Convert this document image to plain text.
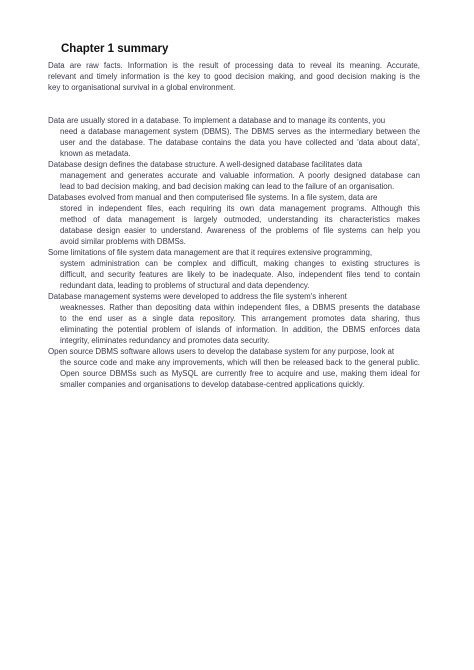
Chapter 1 summary
Data are raw facts. Information is the result of processing data to reveal its meaning. Accurate,
relevant and timely information is the key to good decision making, and good decision making is the
key to organisational survival in a global environment.
Data are usually stored in a database. To implement a database and to manage its contents, you
need a database management system (DBMS). The DBMS serves as the intermediary between the
user and the database. The database contains the data you have collected and 'data about data',
known as metadata.
Database design defines the database structure. A well-designed database facilitates data
management and generates accurate and valuable information. A poorly designed database can
lead to bad decision making, and bad decision making can lead to the failure of an organisation.
Databases evolved from manual and then computerised file systems. In a file system, data are
stored in independent files, each requiring its own data management programs. Although this
method of data management is largely outmoded, understanding its characteristics makes
database design easier to understand. Awareness of the problems of file systems can help you
avoid similar problems with DBMSs.
Some limitations of file system data management are that it requires extensive programming,
system administration can be complex and difficult, making changes to existing structures is
difficult, and security features are likely to be inadequate. Also, independent files tend to contain
redundant data, leading to problems of structural and data dependency.
Database management systems were developed to address the file system's inherent
weaknesses. Rather than depositing data within independent files, a DBMS presents the database
to the end user as a single data repository. This arrangement promotes data sharing, thus
eliminating the potential problem of islands of information. In addition, the DBMS enforces data
integrity, eliminates redundancy and promotes data security.
Open source DBMS software allows users to develop the database system for any purpose, look at
the source code and make any improvements, which will then be released back to the general public.
Open source DBMSs such as MySQL are currently free to acquire and use, making them ideal for
smaller companies and organisations to develop database-centred applications quickly.
